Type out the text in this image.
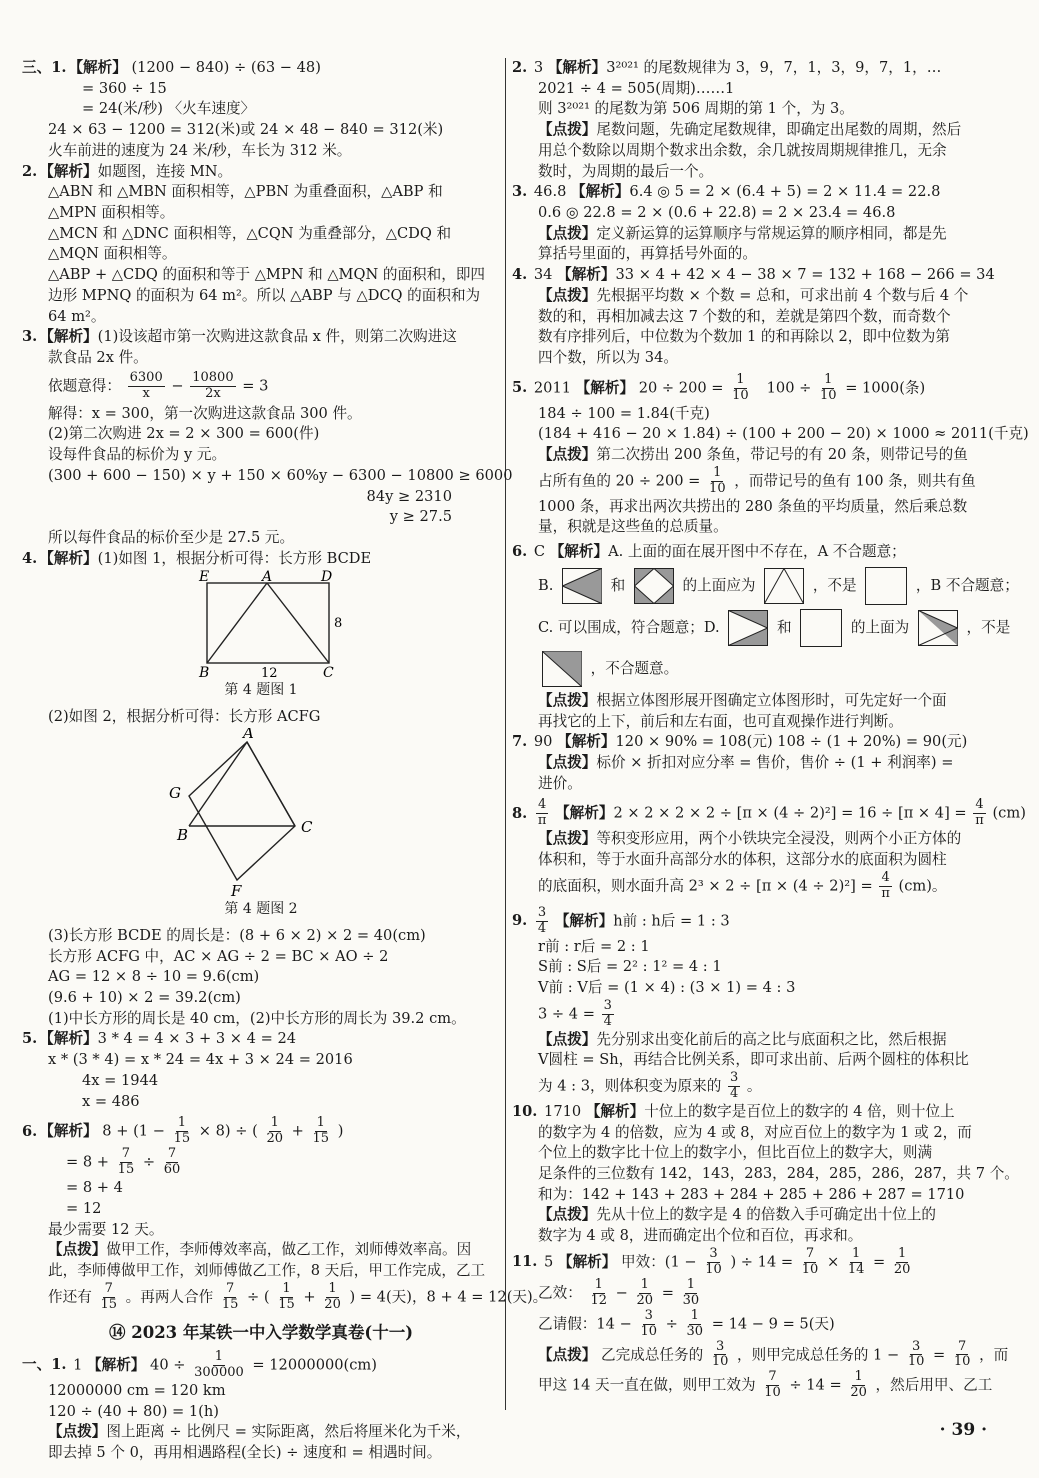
三、1. 【解析】 (1200 − 840) ÷ (63 − 48)
= 360 ÷ 15
= 24(米/秒) 〈火车速度〉
24 × 63 − 1200 = 312(米)或 24 × 48 − 840 = 312(米)
火车前进的速度为 24 米/秒，车长为 312 米。
2. 【解析】如题图，连接 MN。
△ABN 和 △MBN 面积相等，△PBN 为重叠面积，△ABP 和
△MPN 面积相等。
△MCN 和 △DNC 面积相等，△CQN 为重叠部分，△CDQ 和
△MQN 面积相等。
△ABP + △CDQ 的面积和等于 △MPN 和 △MQN 的面积和，即四
边形 MPNQ 的面积为 64 m²。所以 △ABP 与 △DCQ 的面积和为
64 m²。
3. 【解析】(1)设该超市第一次购进这款食品 x 件，则第二次购进这
款食品 2x 件。
依题意得： $\frac{6300}{x} - \frac{10800}{2x} = 3$
解得：x = 300，第一次购进这款食品 300 件。
(2)第二次购进 2x = 2 × 300 = 600(件)
设每件食品的标价为 y 元。
(300 + 600 − 150) × y + 150 × 60%y − 6300 − 10800 ≥ 6000
84y ≥ 2310
y ≥ 27.5
所以每件食品的标价至少是 27.5 元。
4. 【解析】(1)如图 1，根据分析可得：长方形 BCDE
E	A	D
B	C
8
12
第 4 题图 1
(2)如图 2，根据分析可得：长方形 ACFG
A
G
B	C
F
第 4 题图 2
(3)长方形 BCDE 的周长是：(8 + 6 × 2) × 2 = 40(cm)
长方形 ACFG 中，AC × AG ÷ 2 = BC × AO ÷ 2
AG = 12 × 8 ÷ 10 = 9.6(cm)
(9.6 + 10) × 2 = 39.2(cm)
(1)中长方形的周长是 40 cm，(2)中长方形的周长为 39.2 cm。
5. 【解析】3 * 4 = 4 × 3 + 3 × 4 = 24
x * (3 * 4) = x * 24 = 4x + 3 × 24 = 2016
4x = 1944
x = 486
6. 【解析】 $8 + (1 - \frac{1}{15} \times 8)$ ÷ ( $\frac{1}{20} + \frac{1}{15}$ )
= $8 + \frac{7}{15} \div \frac{7}{60}$
= 8 + 4
= 12
最少需要 12 天。
【点拨】做甲工作，李师傅效率高，做乙工作，刘师傅效率高。因
此，李师傅做甲工作，刘师傅做乙工作，8 天后，甲工作完成，乙工
作还有 $\frac{7}{15}$ 。再两人合作 $\frac{7}{15}$ ÷ ( $\frac{1}{15} + \frac{1}{20}$ ) = 4(天)，8 + 4 = 12(天)。
⑭ 2023 年某铁一中入学数学真卷(十一)
一、1. 1 【解析】 $40 \div \frac{1}{300000} = 12000000(cm)$
12000000 cm = 120 km
120 ÷ (40 + 80) = 1(h)
【点拨】图上距离 ÷ 比例尺 = 实际距离，然后将厘米化为千米，
即去掉 5 个 0，再用相遇路程(全长) ÷ 速度和 = 相遇时间。
2. 3 【解析】3²⁰²¹ 的尾数规律为 3，9，7，1，3，9，7，1，…
2021 ÷ 4 = 505(周期)……1
则 3²⁰²¹ 的尾数为第 506 周期的第 1 个，为 3。
【点拨】尾数问题，先确定尾数规律，即确定出尾数的周期，然后
用总个数除以周期个数求出余数，余几就按周期规律推几，无余
数时，为周期的最后一个。
3. 46.8 【解析】6.4 ◎ 5 = 2 × (6.4 + 5) = 2 × 11.4 = 22.8
0.6 ◎ 22.8 = 2 × (0.6 + 22.8) = 2 × 23.4 = 46.8
【点拨】定义新运算的运算顺序与常规运算的顺序相同，都是先
算括号里面的，再算括号外面的。
4. 34 【解析】33 × 4 + 42 × 4 − 38 × 7 = 132 + 168 − 266 = 34
【点拨】先根据平均数 × 个数 = 总和，可求出前 4 个数与后 4 个
数的和，再相加减去这 7 个数的和，差就是第四个数，而奇数个
数有序排列后，中位数为个数加 1 的和再除以 2，即中位数为第
四个数，所以为 34。
5. 2011 【解析】 $20 \div 200 = \frac{1}{10} 100 \div \frac{1}{10} = 1000$(条)
184 ÷ 100 = 1.84(千克)
(184 + 416 − 20 × 1.84) ÷ (100 + 200 − 20) × 1000 ≈ 2011(千克)
【点拨】第二次捞出 200 条鱼，带记号的有 20 条，则带记号的鱼
占所有鱼的 $20 \div 200 = \frac{1}{10}$ ，而带记号的鱼有 100 条，则共有鱼
1000 条，再求出两次共捞出的 280 条鱼的平均质量，然后乘总数
量，积就是这些鱼的总质量。
6. C 【解析】A. 上面的面在展开图中不存在，A 不合题意；
B.	和	的上面应为	，不是	，B 不合题意；
C. 可以围成，符合题意；D.	和	的上面为	，不是
，不合题意。
【点拨】根据立体图形展开图确定立体图形时，可先定好一个面
再找它的上下，前后和左右面，也可直观操作进行判断。
7. 90 【解析】120 × 90% = 108(元) 108 ÷ (1 + 20%) = 90(元)
【点拨】标价 × 折扣对应分率 = 售价，售价 ÷ (1 + 利润率) =
进价。
8. $\frac{4}{\pi}$ 【解析】$2 \times 2 \times 2 \times 2 \div [\pi \times (4 \div 2)^2] = 16 \div [\pi \times 4] = \frac{4}{\pi} (cm)$
【点拨】等积变形应用，两个小铁块完全浸没，则两个小正方体的
体积和，等于水面升高部分水的体积，这部分水的底面积为圆柱
的底面积，则水面升高 $2^3 \times 2 \div [\pi \times (4 \div 2)^2] = \frac{4}{\pi} (cm)$。
9. $\frac{3}{4}$ 【解析】h前 : h后 = 1 : 3
r前 : r后 = 2 : 1
S前 : S后 = 2² : 1² = 4 : 1
V前 : V后 = (1 × 4) : (3 × 1) = 4 : 3
$3 \div 4 = \frac{3}{4}$
【点拨】先分别求出变化前后的高之比与底面积之比，然后根据
V圆柱 = Sh，再结合比例关系，即可求出前、后两个圆柱的体积比
为 4 : 3，则体积变为原来的 $\frac{3}{4}$ 。
10. 1710 【解析】十位上的数字是百位上的数字的 4 倍，则十位上
的数字为 4 的倍数，应为 4 或 8，对应百位上的数字为 1 或 2，而
个位上的数字比十位上的数字小，但比百位上的数字大，则满
足条件的三位数有 142，143，283，284，285，286，287，共 7 个。
和为：142 + 143 + 283 + 284 + 285 + 286 + 287 = 1710
【点拨】先从十位上的数字是 4 的倍数入手可确定出十位上的
数字为 4 或 8，进而确定出个位和百位，再求和。
11. 5 【解析】 甲效：($1 - \frac{3}{10}$ ) ÷ $14 = \frac{7}{10} \times \frac{1}{14} = \frac{1}{20}$
乙效： $\frac{1}{12} - \frac{1}{20} = \frac{1}{30}$
乙请假：$14 - \frac{3}{10} \div \frac{1}{30} = 14 - 9 = 5$(天)
【点拨】 乙完成总任务的 $\frac{3}{10}$ ，则甲完成总任务的 $1 - \frac{3}{10} = \frac{7}{10}$ ，而
甲这 14 天一直在做，则甲工效为 $\frac{7}{10} \div 14 = \frac{1}{20}$ ，然后用甲、乙工
· 39 ·
